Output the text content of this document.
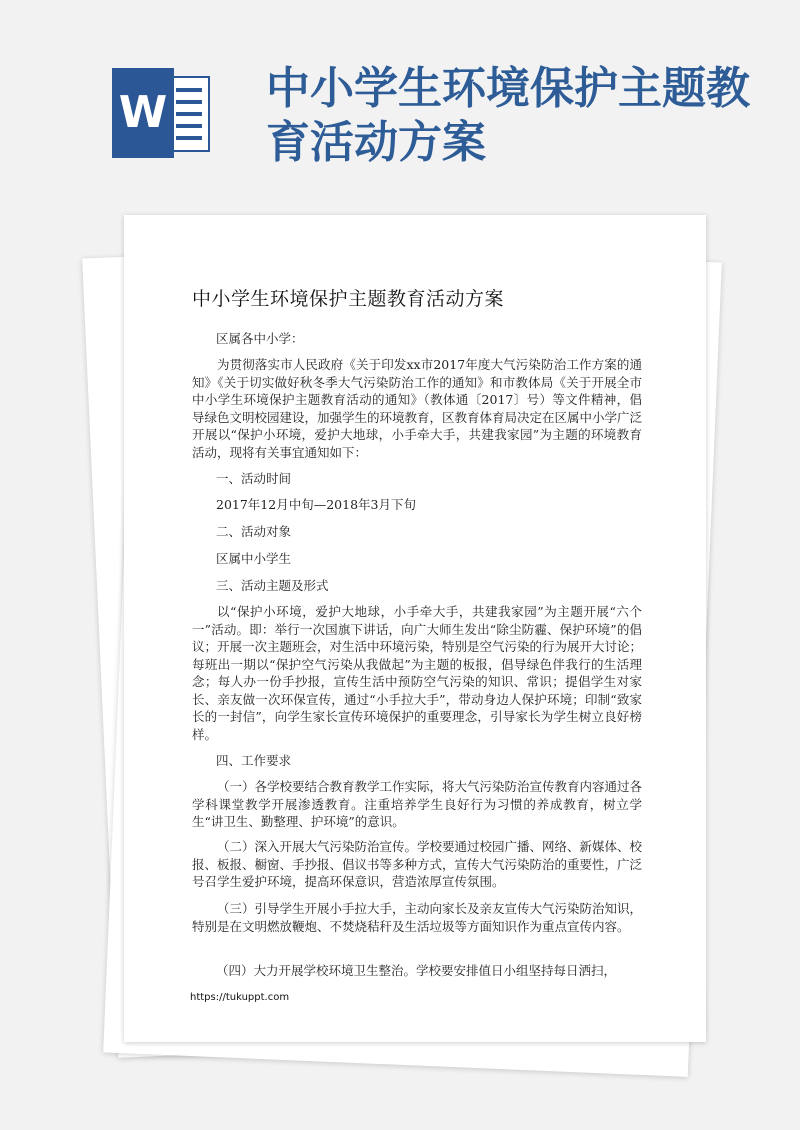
W 中小学生环境保护主题教育活动方案
中小学生环境保护主题教育活动方案

区属各中小学：

为贯彻落实市人民政府《关于印发xx市2017年度大气污染防治工作方案的通知》《关于切实做好秋冬季大气污染防治工作的通知》和市教体局《关于开展全市中小学生环境保护主题教育活动的通知》（教体通〔2017〕号）等文件精神，倡导绿色文明校园建设，加强学生的环境教育，区教育体育局决定在区属中小学广泛开展以“保护小环境，爱护大地球，小手牵大手，共建我家园”为主题的环境教育活动，现将有关事宜通知如下：

一、活动时间

2017年12月中旬—2018年3月下旬

二、活动对象

区属中小学生

三、活动主题及形式

以“保护小环境，爱护大地球，小手牵大手，共建我家园”为主题开展“六个一”活动。即：举行一次国旗下讲话，向广大师生发出“除尘防霾、保护环境”的倡议；开展一次主题班会，对生活中环境污染，特别是空气污染的行为展开大讨论；每班出一期以“保护空气污染从我做起”为主题的板报，倡导绿色伴我行的生活理念；每人办一份手抄报，宣传生活中预防空气污染的知识、常识；提倡学生对家长、亲友做一次环保宣传，通过“小手拉大手”，带动身边人保护环境；印制“致家长的一封信”，向学生家长宣传环境保护的重要理念，引导家长为学生树立良好榜样。

四、工作要求

（一）各学校要结合教育教学工作实际，将大气污染防治宣传教育内容通过各学科课堂教学开展渗透教育。注重培养学生良好行为习惯的养成教育，树立学生“讲卫生、勤整理、护环境”的意识。

（二）深入开展大气污染防治宣传。学校要通过校园广播、网络、新媒体、校报、板报、橱窗、手抄报、倡议书等多种方式，宣传大气污染防治的重要性，广泛号召学生爱护环境，提高环保意识，营造浓厚宣传氛围。

（三）引导学生开展小手拉大手，主动向家长及亲友宣传大气污染防治知识，特别是在文明燃放鞭炮、不焚烧秸秆及生活垃圾等方面知识作为重点宣传内容。

（四）大力开展学校环境卫生整治。学校要安排值日小组坚持每日洒扫，

https://tukuppt.com
